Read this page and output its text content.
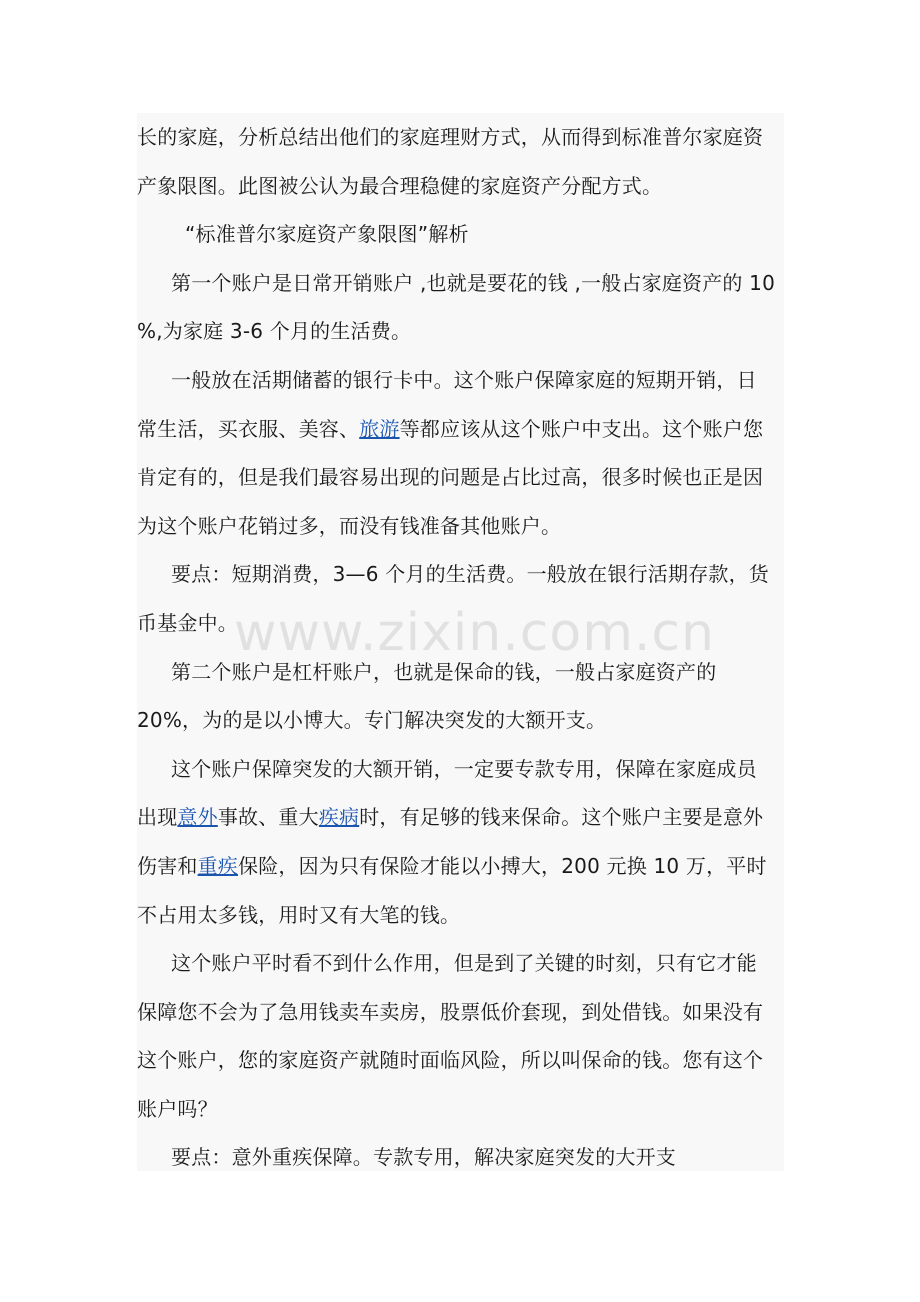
长的家庭，分析总结出他们的家庭理财方式，从而得到标准普尔家庭资

产象限图。此图被公认为最合理稳健的家庭资产分配方式。

“标准普尔家庭资产象限图”解析

第一个账户是日常开销账户 ,也就是要花的钱 ,一般占家庭资产的 10

%,为家庭 3-6 个月的生活费。

一般放在活期储蓄的银行卡中。这个账户保障家庭的短期开销，日

常生活，买衣服、美容、旅游等都应该从这个账户中支出。这个账户您

肯定有的，但是我们最容易出现的问题是占比过高，很多时候也正是因

为这个账户花销过多，而没有钱准备其他账户。

要点：短期消费，3—6 个月的生活费。一般放在银行活期存款，货

币基金中。

第二个账户是杠杆账户，也就是保命的钱，一般占家庭资产的

20%，为的是以小博大。专门解决突发的大额开支。

这个账户保障突发的大额开销，一定要专款专用，保障在家庭成员

出现意外事故、重大疾病时，有足够的钱来保命。这个账户主要是意外

伤害和重疾保险，因为只有保险才能以小搏大，200 元换 10 万，平时

不占用太多钱，用时又有大笔的钱。

这个账户平时看不到什么作用，但是到了关键的时刻，只有它才能

保障您不会为了急用钱卖车卖房，股票低价套现，到处借钱。如果没有

这个账户，您的家庭资产就随时面临风险，所以叫保命的钱。您有这个

账户吗？

要点：意外重疾保障。专款专用，解决家庭突发的大开支

www.zixin.com.cn
